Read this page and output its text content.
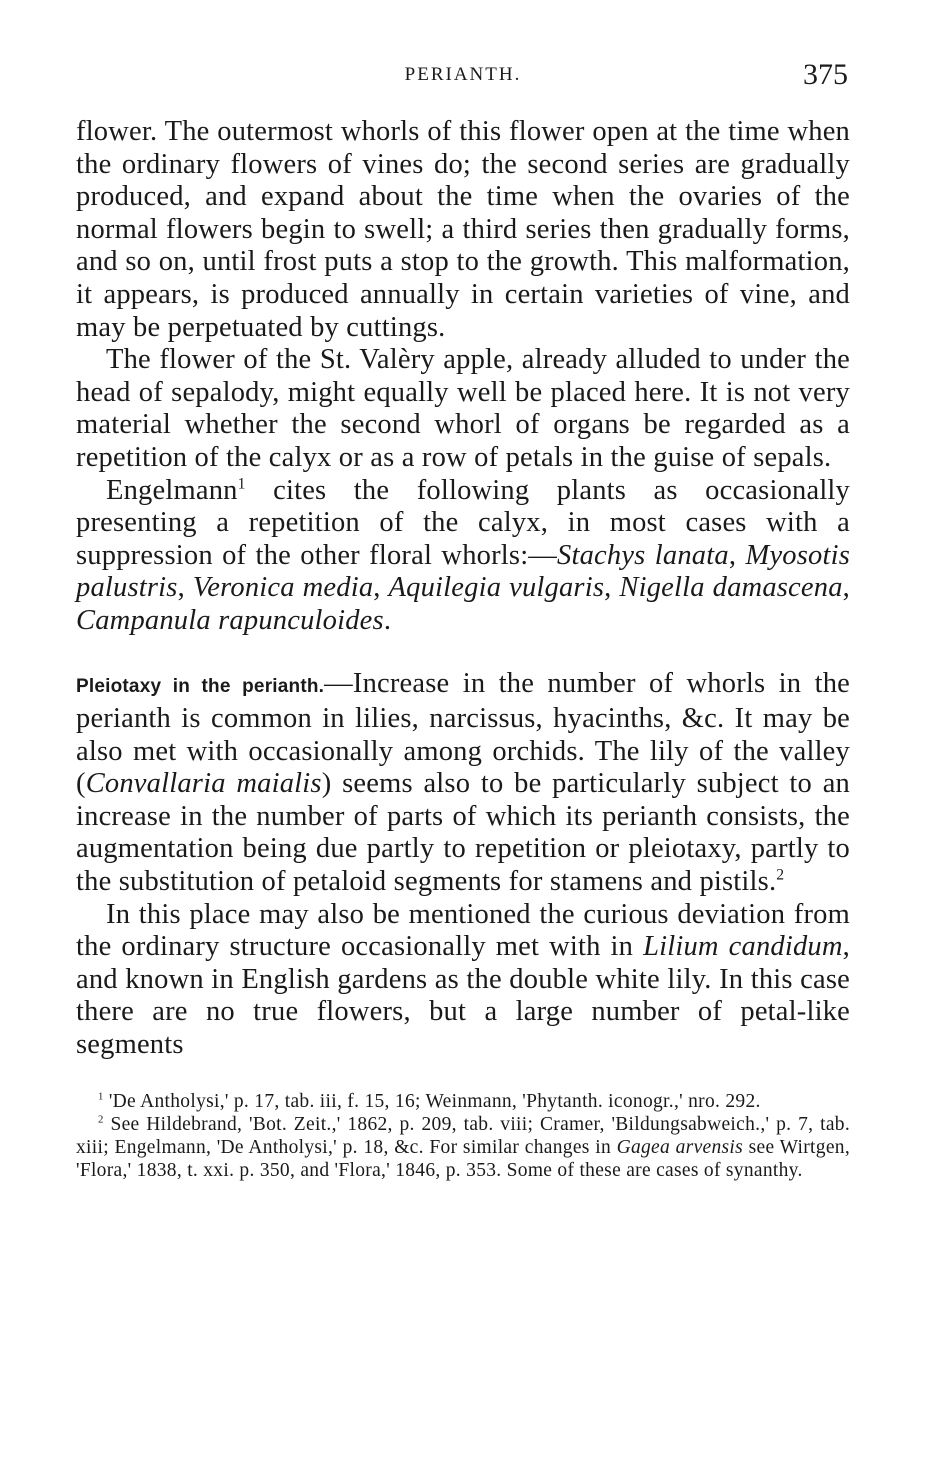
PERIANTH.	375

flower. The outermost whorls of this flower open at the time when the ordinary flowers of vines do; the second series are gradually produced, and expand about the time when the ovaries of the normal flowers begin to swell; a third series then gradually forms, and so on, until frost puts a stop to the growth. This malformation, it appears, is produced annually in certain varieties of vine, and may be perpetuated by cuttings.

The flower of the St. Valèry apple, already alluded to under the head of sepalody, might equally well be placed here. It is not very material whether the second whorl of organs be regarded as a repetition of the calyx or as a row of petals in the guise of sepals.

Engelmann$^1$ cites the following plants as occasionally presenting a repetition of the calyx, in most cases with a suppression of the other floral whorls:—Stachys lanata, Myosotis palustris, Veronica media, Aquilegia vulgaris, Nigella damascena, Campanula rapunculoides.

Pleiotaxy in the perianth.—Increase in the number of whorls in the perianth is common in lilies, narcissus, hyacinths, &c. It may be also met with occasionally among orchids. The lily of the valley (Convallaria maialis) seems also to be particularly subject to an increase in the number of parts of which its perianth consists, the augmentation being due partly to repetition or pleiotaxy, partly to the substitution of petaloid segments for stamens and pistils.$^2$

In this place may also be mentioned the curious deviation from the ordinary structure occasionally met with in Lilium candidum, and known in English gardens as the double white lily. In this case there are no true flowers, but a large number of petal-like segments

$^1$ 'De Antholysi,' p. 17, tab. iii, f. 15, 16; Weinmann, 'Phytanth. iconogr.,' nro. 292.

$^2$ See Hildebrand, 'Bot. Zeit.,' 1862, p. 209, tab. viii; Cramer, 'Bildungsabweich.,' p. 7, tab. xiii; Engelmann, 'De Antholysi,' p. 18, &c. For similar changes in Gagea arvensis see Wirtgen, 'Flora,' 1838, t. xxi. p. 350, and 'Flora,' 1846, p. 353. Some of these are cases of synanthy.
